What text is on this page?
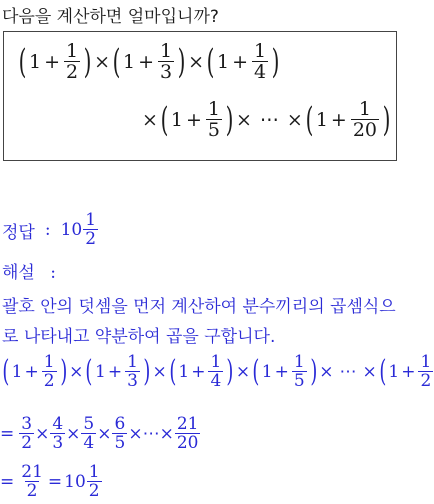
다음을 계산하면 얼마입니까?
( $1 + \frac{1}{2}$ ) × ( $1 + \frac{1}{3}$ ) × ( $1 + \frac{1}{4}$ )
× ( $1 + \frac{1}{5}$ ) × ⋯ × ( $1 + \frac{1}{20}$ )
정답 : $10 \frac{1}{2}$
해설 :
괄호 안의 덧셈을 먼저 계산하여 분수끼리의 곱셈식으
로 나타내고 약분하여 곱을 구합니다.
( $1 + \frac{1}{2}$ ) × ( $1 + \frac{1}{3}$ ) × ( $1 + \frac{1}{4}$ ) × ( $1 + \frac{1}{5}$ ) × ⋯ × ( $1 + \frac{1}{2}$
= $\frac{3}{2} \times \frac{4}{3} \times \frac{5}{4} \times \frac{6}{5}$ × ⋯ × $\frac{21}{20}$
= $\frac{21}{2} = 10 \frac{1}{2}$
